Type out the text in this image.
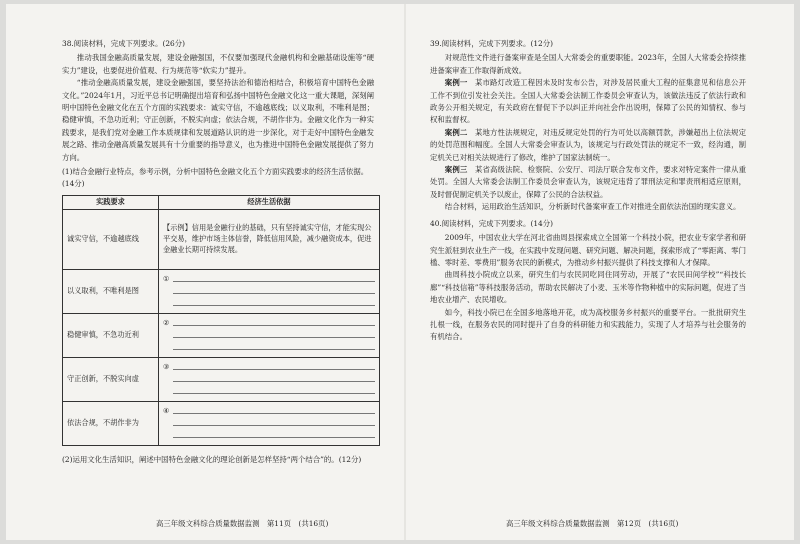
38.阅读材料，完成下列要求。(26分)

推动我国金融高质量发展，建设金融强国，不仅要加强现代金融机构和金融基础设施等“硬实力”建设，也要促进价值观、行为规范等“软实力”提升。

“推动金融高质量发展，建设金融强国，要坚持法治和德治相结合，积极培育中国特色金融文化。”2024年1月，习近平总书记明确提出培育和弘扬中国特色金融文化这一重大课题，深刻阐明中国特色金融文化在五个方面的实践要求：诚实守信，不逾越底线；以义取利，不唯利是图；稳健审慎，不急功近利；守正创新，不脱实向虚；依法合规，不胡作非为。金融文化作为一种实践要求，是我们党对金融工作本质规律和发展道路认识的进一步深化，对于走好中国特色金融发展之路、推动金融高质量发展具有十分重要的指导意义，也为推进中国特色金融发展提供了努力方向。

(1)结合金融行业特点，参考示例，分析中国特色金融文化五个方面实践要求的经济生活依据。(14分)

实践要求	经济生活依据
诚实守信，不逾越底线	【示例】信用是金融行业的基础，只有坚持诚实守信，才能实现公平交易，维护市场主体信誉，降低信用风险，减少融资成本，促进金融业长期可持续发展。
以义取利，不唯利是图	①

稳健审慎，不急功近利	②

守正创新，不脱实向虚	③

依法合规，不胡作非为	④

(2)运用文化生活知识，阐述中国特色金融文化的理论创新是怎样坚持“两个结合”的。(12分)

高三年级文科综合质量数据监测　第11页　(共16页)

39.阅读材料，完成下列要求。(12分)

对规范性文件进行备案审查是全国人大常委会的重要职能。2023年，全国人大常委会持续推进备案审查工作取得新成效。

案例一　 某市路灯改造工程因未及时发布公告，对涉及居民重大工程的征集意见和信息公开工作不到位引发社会关注。全国人大常委会法制工作委员会审查认为，该做法违反了依法行政和政务公开相关规定，有关政府在督促下予以纠正并向社会作出说明，保障了公民的知情权、参与权和监督权。

案例二　 某地方性法规规定，对违反规定处罚的行为可处以高额罚款，涉嫌超出上位法规定的处罚范围和幅度。全国人大常委会审查认为，该规定与行政处罚法的规定不一致，经沟通，制定机关已对相关法规进行了修改，维护了国家法制统一。

案例三　 某省高级法院、检察院、公安厅、司法厅联合发布文件，要求对特定案件一律从重处罚。全国人大常委会法制工作委员会审查认为，该规定违背了罪刑法定和罪责刑相适应原则，及时督促制定机关予以废止，保障了公民的合法权益。

结合材料，运用政治生活知识，分析新时代备案审查工作对推进全面依法治国的现实意义。

40.阅读材料，完成下列要求。(14分)

2009年，中国农业大学在河北省曲周县探索成立全国第一个科技小院，把农业专家学者和研究生派驻到农业生产一线，在实践中发现问题、研究问题、解决问题，探索形成了“零距离、零门槛、零时差、零费用”服务农民的新模式，为推动乡村振兴提供了科技支撑和人才保障。

曲周科技小院成立以来，研究生们与农民同吃同住同劳动，开展了“农民田间学校”“科技长廊”“科技信箱”等科技服务活动，帮助农民解决了小麦、玉米等作物种植中的实际问题，促进了当地农业增产、农民增收。

如今，科技小院已在全国多地落地开花，成为高校服务乡村振兴的重要平台。一批批研究生扎根一线，在服务农民的同时提升了自身的科研能力和实践能力，实现了人才培养与社会服务的有机结合。

高三年级文科综合质量数据监测　第12页　(共16页)
